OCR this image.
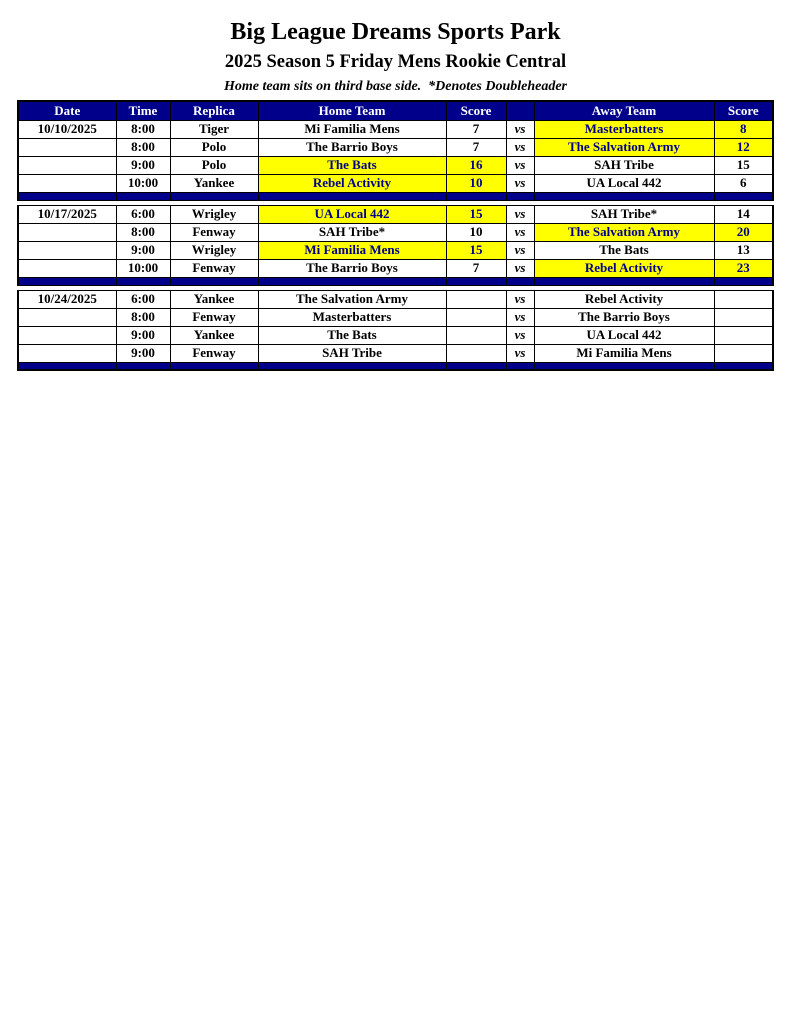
Big League Dreams Sports Park
2025 Season 5 Friday Mens Rookie Central
Home team sits on third base side.  *Denotes Doubleheader
Date	Time	Replica	Home Team	Score		Away Team	Score
10/10/2025	8:00	Tiger	Mi Familia Mens	7	vs	Masterbatters	8
	8:00	Polo	The Barrio Boys	7	vs	The Salvation Army	12
	9:00	Polo	The Bats	16	vs	SAH Tribe	15
	10:00	Yankee	Rebel Activity	10	vs	UA Local 442	6

10/17/2025	6:00	Wrigley	UA Local 442	15	vs	SAH Tribe*	14
	8:00	Fenway	SAH Tribe*	10	vs	The Salvation Army	20
	9:00	Wrigley	Mi Familia Mens	15	vs	The Bats	13
	10:00	Fenway	The Barrio Boys	7	vs	Rebel Activity	23

10/24/2025	6:00	Yankee	The Salvation Army		vs	Rebel Activity	
	8:00	Fenway	Masterbatters		vs	The Barrio Boys	
	9:00	Yankee	The Bats		vs	UA Local 442	
	9:00	Fenway	SAH Tribe		vs	Mi Familia Mens	
